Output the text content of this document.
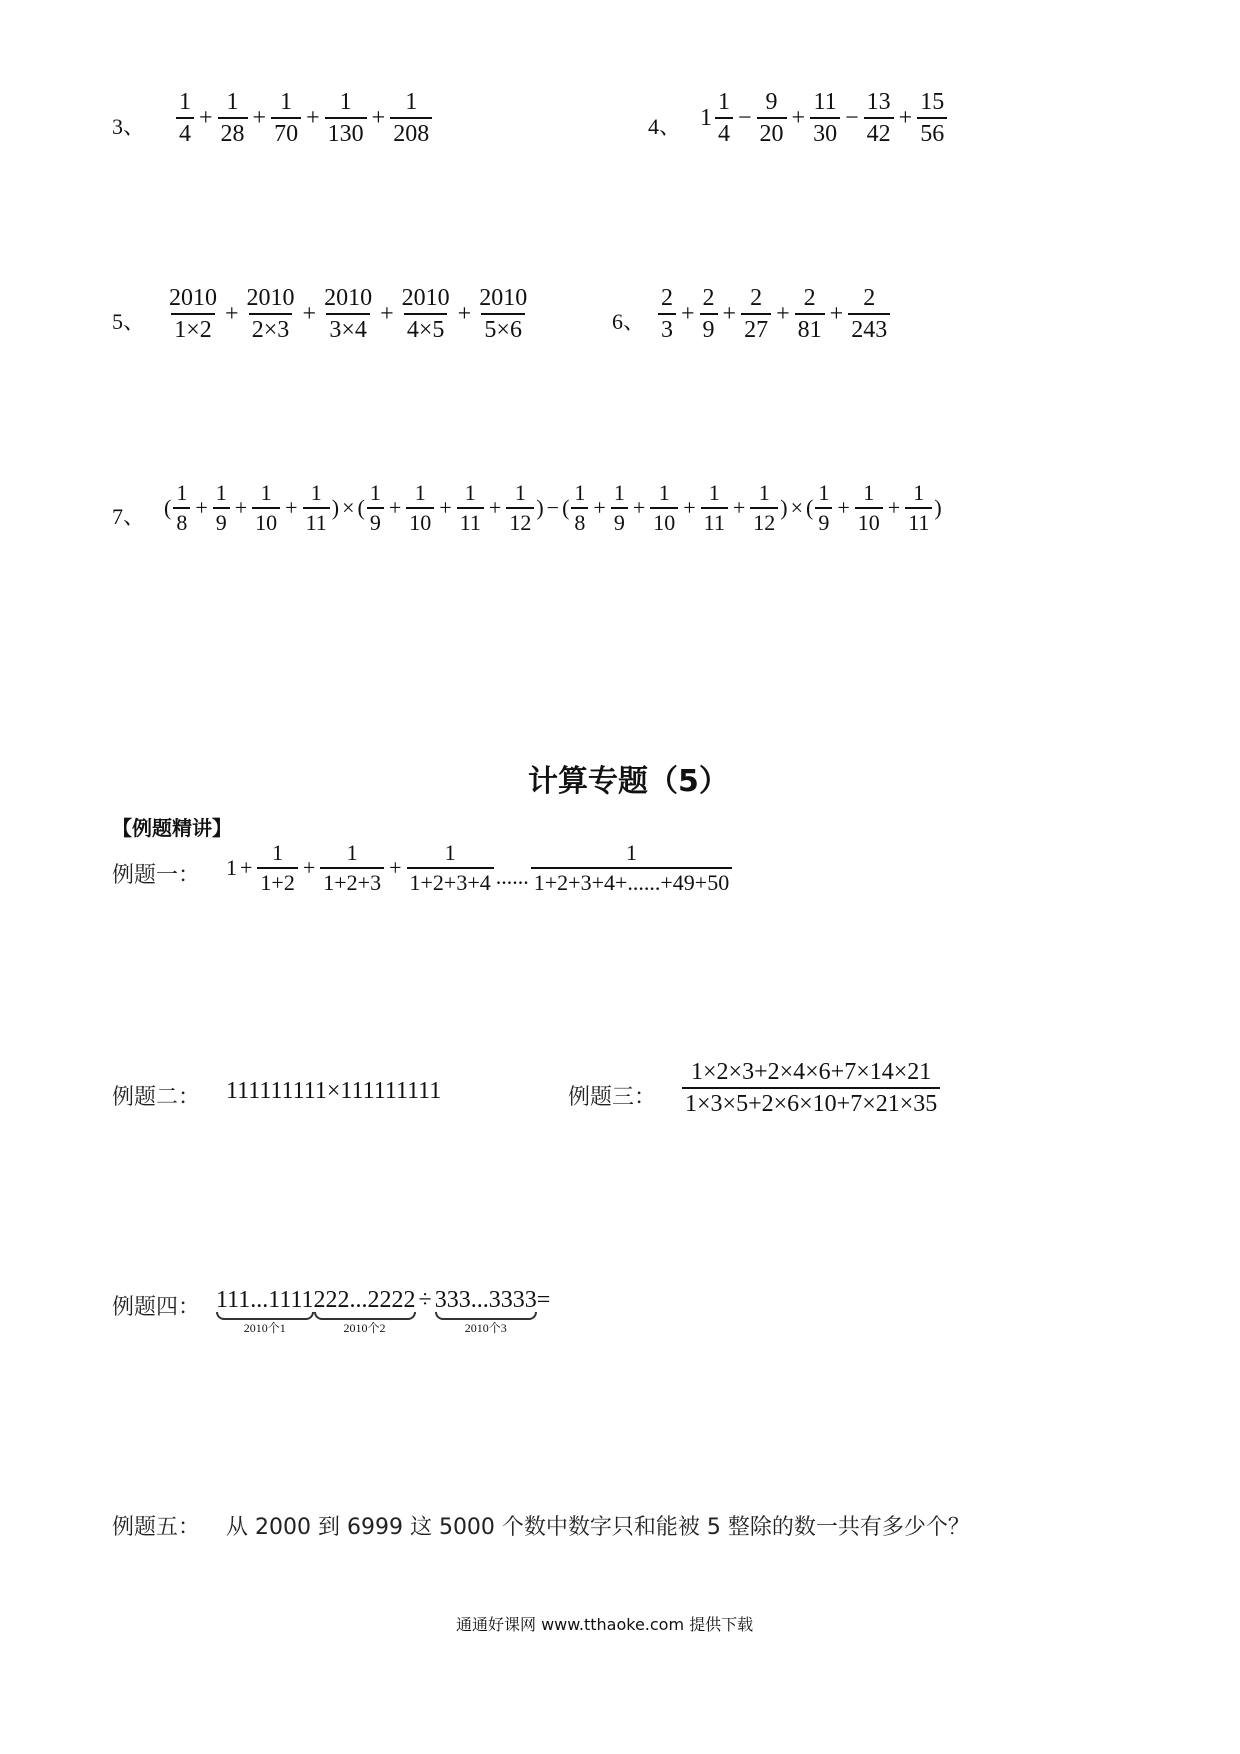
3、 $\frac{1}{4} + \frac{1}{28} + \frac{1}{70} + \frac{1}{130} + \frac{1}{208}$	4、 $1 \frac{1}{4} - \frac{9}{20} + \frac{11}{30} - \frac{13}{42} + \frac{15}{56}$
5、 $\frac{2010}{1\times 2} + \frac{2010}{2\times 3} + \frac{2010}{3\times 4} + \frac{2010}{4\times 5} + \frac{2010}{5\times 6}$	6、 $\frac{2}{3} + \frac{2}{9} + \frac{2}{27} + \frac{2}{81} + \frac{2}{243}$
7、 ( $\frac{1}{8} + \frac{1}{9} + \frac{1}{10} + \frac{1}{11}$ ) × ( $\frac{1}{9} + \frac{1}{10} + \frac{1}{11} + \frac{1}{12}$ ) − ( $\frac{1}{8} + \frac{1}{9} + \frac{1}{10} + \frac{1}{11} + \frac{1}{12}$ ) × ( $\frac{1}{9} + \frac{1}{10} + \frac{1}{11}$ )
计算专题（5）
【例题精讲】
例题一： $1 + \frac{1}{1+2} + \frac{1}{1+2+3} + \frac{1}{1+2+3+4}$ ...... $\frac{1}{1+2+3+4+......+49+50}$
例题二： 111111111×111111111	例题三： $\frac{1\times 2\times 3+2\times 4\times 6+7\times 14\times 21}{1\times 3\times 5+2\times 6\times 10+7\times 21\times 35}$
例题四： 111...1111
2010个1
222...2222
2010个2
÷ 333...3333
2010个3
=
例题五： 从 2000 到 6999 这 5000 个数中数字只和能被 5 整除的数一共有多少个？
通通好课网 www.tthaoke.com 提供下载
